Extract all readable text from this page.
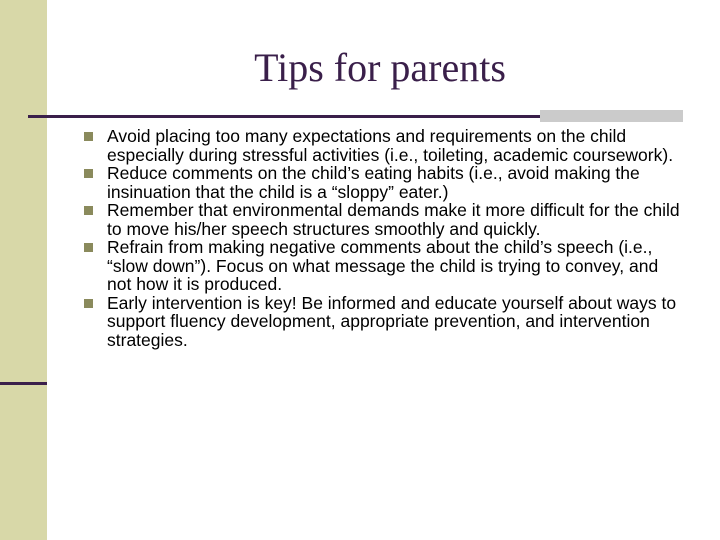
Tips for parents
Avoid placing too many expectations and requirements on the child especially during stressful activities (i.e., toileting, academic coursework).
Reduce comments on the child’s eating habits (i.e., avoid making the insinuation that the child is a “sloppy” eater.)
Remember that environmental demands make it more difficult for the child to move his/her speech structures smoothly and quickly.
Refrain from making negative comments about the child’s speech (i.e., “slow down”). Focus on what message the child is trying to convey, and not how it is produced.
Early intervention is key! Be informed and educate yourself about ways to support fluency development, appropriate prevention, and intervention strategies.
